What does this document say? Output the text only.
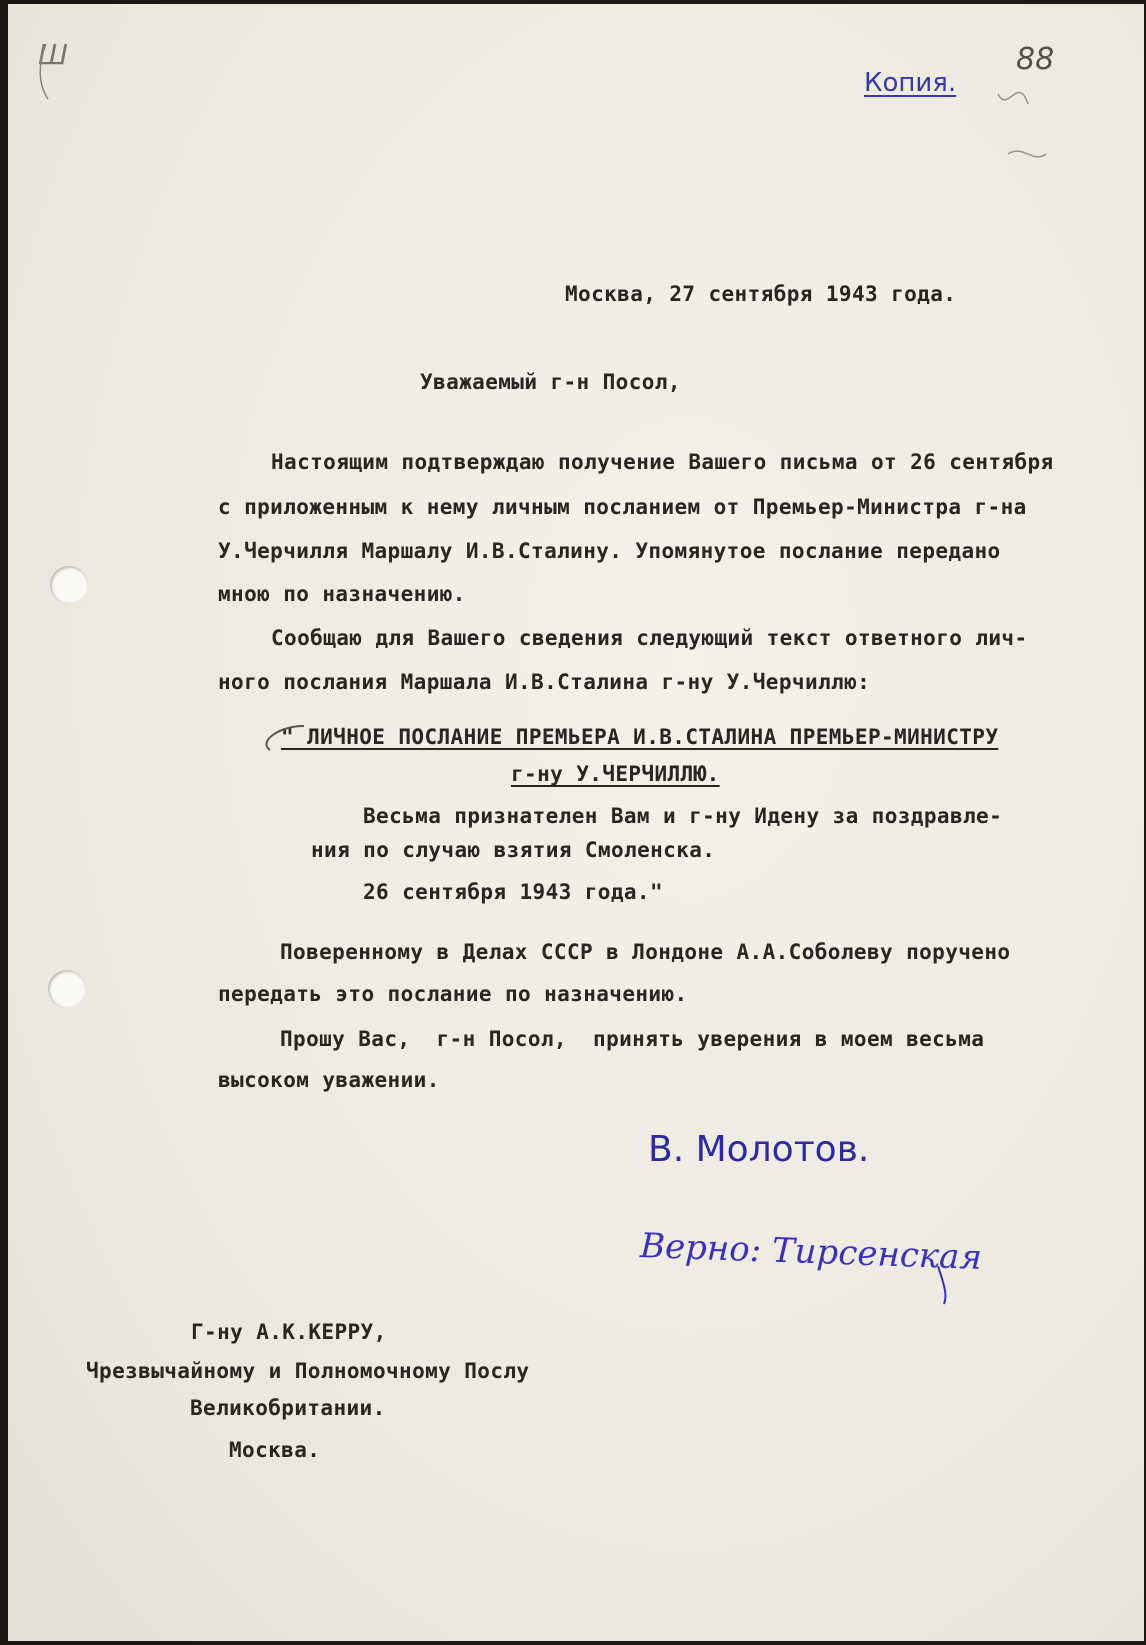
Ш
Копия.
88
Москва, 27 сентября 1943 года.
Уважаемый г-н Посол,
Настоящим подтверждаю получение Вашего письма от 26 сентября
с приложенным к нему личным посланием от Премьер-Министра г-на
У.Черчилля Маршалу И.В.Сталину. Упомянутое послание передано
мною по назначению.
Сообщаю для Вашего сведения следующий текст ответного лич-
ного послания Маршала И.В.Сталина г-ну У.Черчиллю:
" ЛИЧНОЕ ПОСЛАНИЕ ПРЕМЬЕРА И.В.СТАЛИНА ПРЕМЬЕР-МИНИСТРУ
г-ну У.ЧЕРЧИЛЛЮ.
Весьма признателен Вам и г-ну Идену за поздравле-
ния по случаю взятия Смоленска.
26 сентября 1943 года."
Поверенному в Делах СССР в Лондоне А.А.Соболеву поручено
передать это послание по назначению.
Прошу Вас,  г-н Посол,  принять уверения в моем весьма
высоком уважении.
В. Молотов.
Верно: Тирсенская
Г-ну А.К.КЕРРУ,
Чрезвычайному и Полномочному Послу
Великобритании.
Москва.
